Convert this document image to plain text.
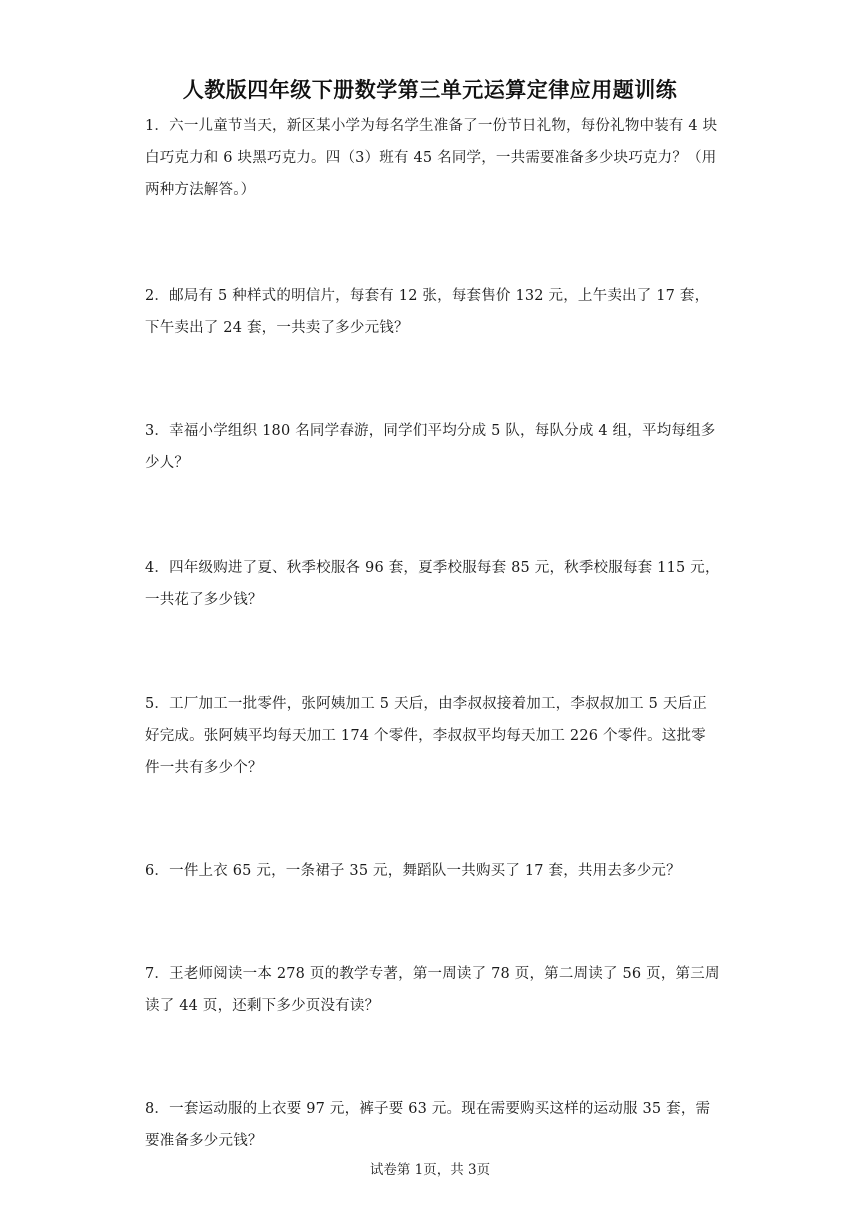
人教版四年级下册数学第三单元运算定律应用题训练
1．六一儿童节当天，新区某小学为每名学生准备了一份节日礼物，每份礼物中装有 4 块白巧克力和 6 块黑巧克力。四（3）班有 45 名同学，一共需要准备多少块巧克力？（用两种方法解答。）
2．邮局有 5 种样式的明信片，每套有 12 张，每套售价 132 元，上午卖出了 17 套，下午卖出了 24 套，一共卖了多少元钱？
3．幸福小学组织 180 名同学春游，同学们平均分成 5 队，每队分成 4 组，平均每组多少人？
4．四年级购进了夏、秋季校服各 96 套，夏季校服每套 85 元，秋季校服每套 115 元，一共花了多少钱？
5．工厂加工一批零件，张阿姨加工 5 天后，由李叔叔接着加工，李叔叔加工 5 天后正好完成。张阿姨平均每天加工 174 个零件，李叔叔平均每天加工 226 个零件。这批零件一共有多少个？
6．一件上衣 65 元，一条裙子 35 元，舞蹈队一共购买了 17 套，共用去多少元？
7．王老师阅读一本 278 页的教学专著，第一周读了 78 页，第二周读了 56 页，第三周读了 44 页，还剩下多少页没有读？
8．一套运动服的上衣要 97 元，裤子要 63 元。现在需要购买这样的运动服 35 套，需要准备多少元钱？
试卷第 1页，共 3页
